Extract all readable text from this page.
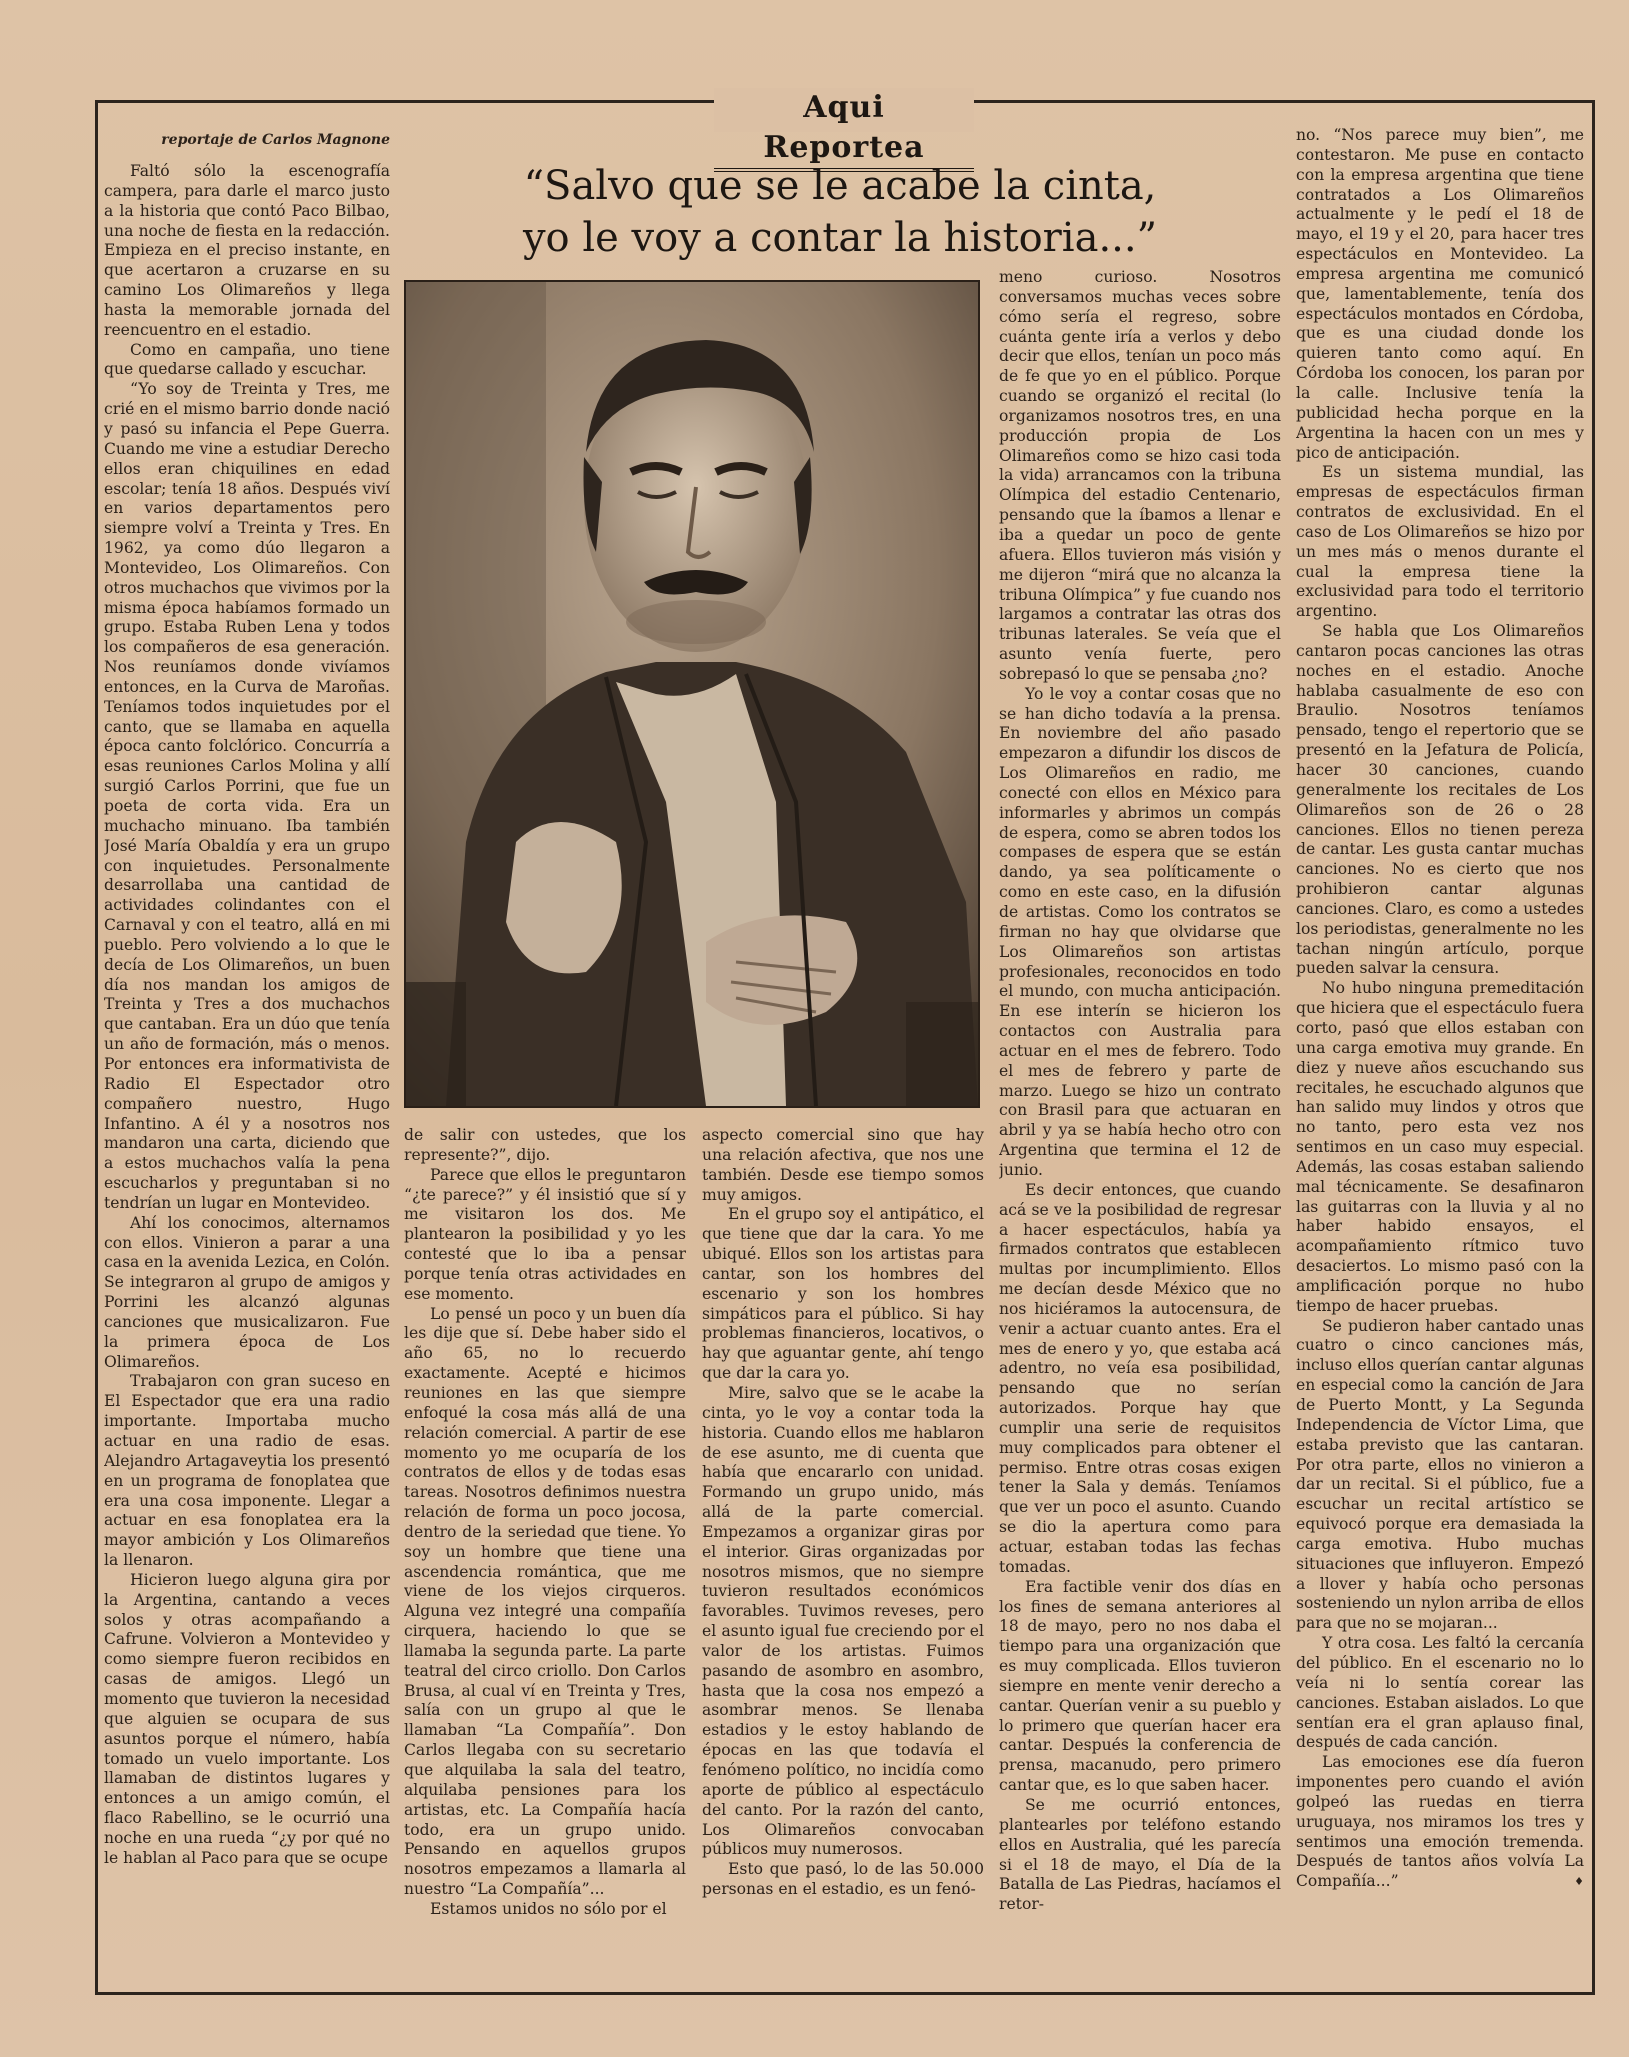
Aqui Reportea
reportaje de Carlos Magnone
“Salvo que se le acabe la cinta,
yo le voy a contar la historia...”

Faltó sólo la escenografía campera, para darle el marco justo a la historia que contó Paco Bilbao, una noche de fiesta en la redacción. Empieza en el preciso instante, en que acertaron a cruzarse en su camino Los Olimareños y llega hasta la memorable jornada del reencuentro en el estadio.

Como en campaña, uno tiene que quedarse callado y escuchar.

“Yo soy de Treinta y Tres, me crié en el mismo barrio donde nació y pasó su infancia el Pepe Guerra. Cuando me vine a estudiar Derecho ellos eran chiquilines en edad escolar; tenía 18 años. Después viví en varios departamentos pero siempre volví a Treinta y Tres. En 1962, ya como dúo llegaron a Montevideo, Los Olimareños. Con otros muchachos que vivimos por la misma época habíamos formado un grupo. Estaba Ruben Lena y todos los compañeros de esa generación. Nos reuníamos donde vivíamos entonces, en la Curva de Maroñas. Teníamos todos inquietudes por el canto, que se llamaba en aquella época canto folclórico. Concurría a esas reuniones Carlos Molina y allí surgió Carlos Porrini, que fue un poeta de corta vida. Era un muchacho minuano. Iba también José María Obaldía y era un grupo con inquietudes. Personalmente desarrollaba una cantidad de actividades colindantes con el Carnaval y con el teatro, allá en mi pueblo. Pero volviendo a lo que le decía de Los Olimareños, un buen día nos mandan los amigos de Treinta y Tres a dos muchachos que cantaban. Era un dúo que tenía un año de formación, más o menos. Por entonces era informativista de Radio El Espectador otro compañero nuestro, Hugo Infantino. A él y a nosotros nos mandaron una carta, diciendo que a estos muchachos valía la pena escucharlos y preguntaban si no tendrían un lugar en Montevideo.

Ahí los conocimos, alternamos con ellos. Vinieron a parar a una casa en la avenida Lezica, en Colón. Se integraron al grupo de amigos y Porrini les alcanzó algunas canciones que musicalizaron. Fue la primera época de Los Olimareños.

Trabajaron con gran suceso en El Espectador que era una radio importante. Importaba mucho actuar en una radio de esas. Alejandro Artagaveytia los presentó en un programa de fonoplatea que era una cosa imponente. Llegar a actuar en esa fonoplatea era la mayor ambición y Los Olimareños la llenaron.

Hicieron luego alguna gira por la Argentina, cantando a veces solos y otras acompañando a Cafrune. Volvieron a Montevideo y como siempre fueron recibidos en casas de amigos. Llegó un momento que tuvieron la necesidad que alguien se ocupara de sus asuntos porque el número, había tomado un vuelo importante. Los llamaban de distintos lugares y entonces a un amigo común, el flaco Rabellino, se le ocurrió una noche en una rueda “¿y por qué no le hablan al Paco para que se ocupe

de salir con ustedes, que los represente?”, dijo.

Parece que ellos le preguntaron “¿te parece?” y él insistió que sí y me visitaron los dos. Me plantearon la posibilidad y yo les contesté que lo iba a pensar porque tenía otras actividades en ese momento.

Lo pensé un poco y un buen día les dije que sí. Debe haber sido el año 65, no lo recuerdo exactamente. Acepté e hicimos reuniones en las que siempre enfoqué la cosa más allá de una relación comercial. A partir de ese momento yo me ocuparía de los contratos de ellos y de todas esas tareas. Nosotros definimos nuestra relación de forma un poco jocosa, dentro de la seriedad que tiene. Yo soy un hombre que tiene una ascendencia romántica, que me viene de los viejos cirqueros. Alguna vez integré una compañía cirquera, haciendo lo que se llamaba la segunda parte. La parte teatral del circo criollo. Don Carlos Brusa, al cual ví en Treinta y Tres, salía con un grupo al que le llamaban “La Compañía”. Don Carlos llegaba con su secretario que alquilaba la sala del teatro, alquilaba pensiones para los artistas, etc. La Compañía hacía todo, era un grupo unido. Pensando en aquellos grupos nosotros empezamos a llamarla al nuestro “La Compañía”...

Estamos unidos no sólo por el

aspecto comercial sino que hay una relación afectiva, que nos une también. Desde ese tiempo somos muy amigos.

En el grupo soy el antipático, el que tiene que dar la cara. Yo me ubiqué. Ellos son los artistas para cantar, son los hombres del escenario y son los hombres simpáticos para el público. Si hay problemas financieros, locativos, o hay que aguantar gente, ahí tengo que dar la cara yo.

Mire, salvo que se le acabe la cinta, yo le voy a contar toda la historia. Cuando ellos me hablaron de ese asunto, me di cuenta que había que encararlo con unidad. Formando un grupo unido, más allá de la parte comercial. Empezamos a organizar giras por el interior. Giras organizadas por nosotros mismos, que no siempre tuvieron resultados económicos favorables. Tuvimos reveses, pero el asunto igual fue creciendo por el valor de los artistas. Fuimos pasando de asombro en asombro, hasta que la cosa nos empezó a asombrar menos. Se llenaba estadios y le estoy hablando de épocas en las que todavía el fenómeno político, no incidía como aporte de público al espectáculo del canto. Por la razón del canto, Los Olimareños convocaban públicos muy numerosos.

Esto que pasó, lo de las 50.000 personas en el estadio, es un fenó-

meno curioso. Nosotros conversamos muchas veces sobre cómo sería el regreso, sobre cuánta gente iría a verlos y debo decir que ellos, tenían un poco más de fe que yo en el público. Porque cuando se organizó el recital (lo organizamos nosotros tres, en una producción propia de Los Olimareños como se hizo casi toda la vida) arrancamos con la tribuna Olímpica del estadio Centenario, pensando que la íbamos a llenar e iba a quedar un poco de gente afuera. Ellos tuvieron más visión y me dijeron “mirá que no alcanza la tribuna Olímpica” y fue cuando nos largamos a contratar las otras dos tribunas laterales. Se veía que el asunto venía fuerte, pero sobrepasó lo que se pensaba ¿no?

Yo le voy a contar cosas que no se han dicho todavía a la prensa. En noviembre del año pasado empezaron a difundir los discos de Los Olimareños en radio, me conecté con ellos en México para informarles y abrimos un compás de espera, como se abren todos los compases de espera que se están dando, ya sea políticamente o como en este caso, en la difusión de artistas. Como los contratos se firman no hay que olvidarse que Los Olimareños son artistas profesionales, reconocidos en todo el mundo, con mucha anticipación. En ese interín se hicieron los contactos con Australia para actuar en el mes de febrero. Todo el mes de febrero y parte de marzo. Luego se hizo un contrato con Brasil para que actuaran en abril y ya se había hecho otro con Argentina que termina el 12 de junio.

Es decir entonces, que cuando acá se ve la posibilidad de regresar a hacer espectáculos, había ya firmados contratos que establecen multas por incumplimiento. Ellos me decían desde México que no nos hiciéramos la autocensura, de venir a actuar cuanto antes. Era el mes de enero y yo, que estaba acá adentro, no veía esa posibilidad, pensando que no serían autorizados. Porque hay que cumplir una serie de requisitos muy complicados para obtener el permiso. Entre otras cosas exigen tener la Sala y demás. Teníamos que ver un poco el asunto. Cuando se dio la apertura como para actuar, estaban todas las fechas tomadas.

Era factible venir dos días en los fines de semana anteriores al 18 de mayo, pero no nos daba el tiempo para una organización que es muy complicada. Ellos tuvieron siempre en mente venir derecho a cantar. Querían venir a su pueblo y lo primero que querían hacer era cantar. Después la conferencia de prensa, macanudo, pero primero cantar que, es lo que saben hacer.

Se me ocurrió entonces, plantearles por teléfono estando ellos en Australia, qué les parecía si el 18 de mayo, el Día de la Batalla de Las Piedras, hacíamos el retor-

no. “Nos parece muy bien”, me contestaron. Me puse en contacto con la empresa argentina que tiene contratados a Los Olimareños actualmente y le pedí el 18 de mayo, el 19 y el 20, para hacer tres espectáculos en Montevideo. La empresa argentina me comunicó que, lamentablemente, tenía dos espectáculos montados en Córdoba, que es una ciudad donde los quieren tanto como aquí. En Córdoba los conocen, los paran por la calle. Inclusive tenía la publicidad hecha porque en la Argentina la hacen con un mes y pico de anticipación.

Es un sistema mundial, las empresas de espectáculos firman contratos de exclusividad. En el caso de Los Olimareños se hizo por un mes más o menos durante el cual la empresa tiene la exclusividad para todo el territorio argentino.

Se habla que Los Olimareños cantaron pocas canciones las otras noches en el estadio. Anoche hablaba casualmente de eso con Braulio. Nosotros teníamos pensado, tengo el repertorio que se presentó en la Jefatura de Policía, hacer 30 canciones, cuando generalmente los recitales de Los Olimareños son de 26 o 28 canciones. Ellos no tienen pereza de cantar. Les gusta cantar muchas canciones. No es cierto que nos prohibieron cantar algunas canciones. Claro, es como a ustedes los periodistas, generalmente no les tachan ningún artículo, porque pueden salvar la censura.

No hubo ninguna premeditación que hiciera que el espectáculo fuera corto, pasó que ellos estaban con una carga emotiva muy grande. En diez y nueve años escuchando sus recitales, he escuchado algunos que han salido muy lindos y otros que no tanto, pero esta vez nos sentimos en un caso muy especial. Además, las cosas estaban saliendo mal técnicamente. Se desafinaron las guitarras con la lluvia y al no haber habido ensayos, el acompañamiento rítmico tuvo desaciertos. Lo mismo pasó con la amplificación porque no hubo tiempo de hacer pruebas.

Se pudieron haber cantado unas cuatro o cinco canciones más, incluso ellos querían cantar algunas en especial como la canción de Jara de Puerto Montt, y La Segunda Independencia de Víctor Lima, que estaba previsto que las cantaran. Por otra parte, ellos no vinieron a dar un recital. Si el público, fue a escuchar un recital artístico se equivocó porque era demasiada la carga emotiva. Hubo muchas situaciones que influyeron. Empezó a llover y había ocho personas sosteniendo un nylon arriba de ellos para que no se mojaran...

Y otra cosa. Les faltó la cercanía del público. En el escenario no lo veía ni lo sentía corear las canciones. Estaban aislados. Lo que sentían era el gran aplauso final, después de cada canción.

Las emociones ese día fueron imponentes pero cuando el avión golpeó las ruedas en tierra uruguaya, nos miramos los tres y sentimos una emoción tremenda. Después de tantos años volvía La Compañía...”	♦
